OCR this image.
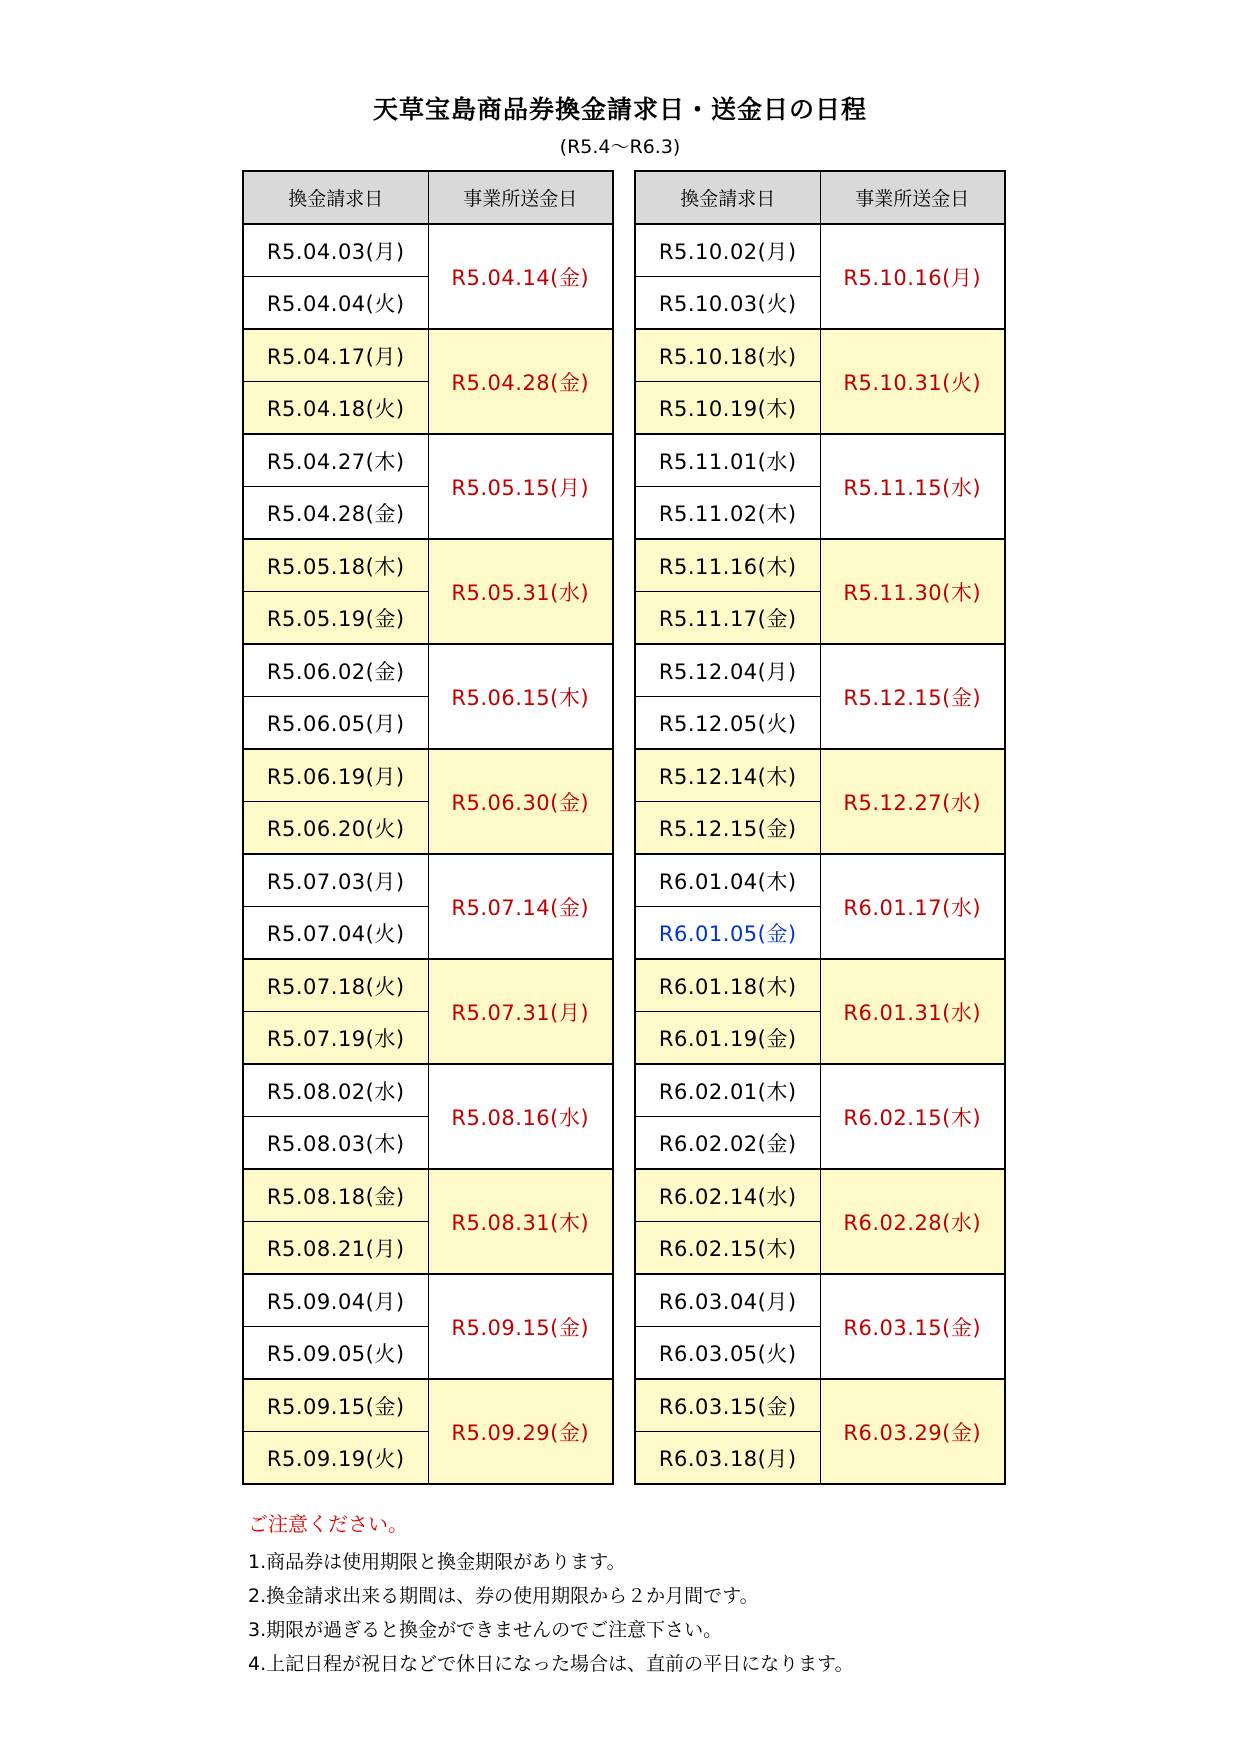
天草宝島商品券換金請求日・送金日の日程
(R5.4～R6.3)
換金請求日	事業所送金日
R5.04.03(月)	R5.04.14(金)
R5.04.04(火)	
R5.04.17(月)	R5.04.28(金)
R5.04.18(火)	
R5.04.27(木)	R5.05.15(月)
R5.04.28(金)	
R5.05.18(木)	R5.05.31(水)
R5.05.19(金)	
R5.06.02(金)	R5.06.15(木)
R5.06.05(月)	
R5.06.19(月)	R5.06.30(金)
R5.06.20(火)	
R5.07.03(月)	R5.07.14(金)
R5.07.04(火)	
R5.07.18(火)	R5.07.31(月)
R5.07.19(水)	
R5.08.02(水)	R5.08.16(水)
R5.08.03(木)	
R5.08.18(金)	R5.08.31(木)
R5.08.21(月)	
R5.09.04(月)	R5.09.15(金)
R5.09.05(火)	
R5.09.15(金)	R5.09.29(金)
R5.09.19(火)	
換金請求日	事業所送金日
R5.10.02(月)	R5.10.16(月)
R5.10.03(火)	
R5.10.18(水)	R5.10.31(火)
R5.10.19(木)	
R5.11.01(水)	R5.11.15(水)
R5.11.02(木)	
R5.11.16(木)	R5.11.30(木)
R5.11.17(金)	
R5.12.04(月)	R5.12.15(金)
R5.12.05(火)	
R5.12.14(木)	R5.12.27(水)
R5.12.15(金)	
R6.01.04(木)	R6.01.17(水)
R6.01.05(金)	
R6.01.18(木)	R6.01.31(水)
R6.01.19(金)	
R6.02.01(木)	R6.02.15(木)
R6.02.02(金)	
R6.02.14(水)	R6.02.28(水)
R6.02.15(木)	
R6.03.04(月)	R6.03.15(金)
R6.03.05(火)	
R6.03.15(金)	R6.03.29(金)
R6.03.18(月)	
ご注意ください。
1.商品券は使用期限と換金期限があります。
2.換金請求出来る期間は、券の使用期限から２か月間です。
3.期限が過ぎると換金ができませんのでご注意下さい。
4.上記日程が祝日などで休日になった場合は、直前の平日になります。
